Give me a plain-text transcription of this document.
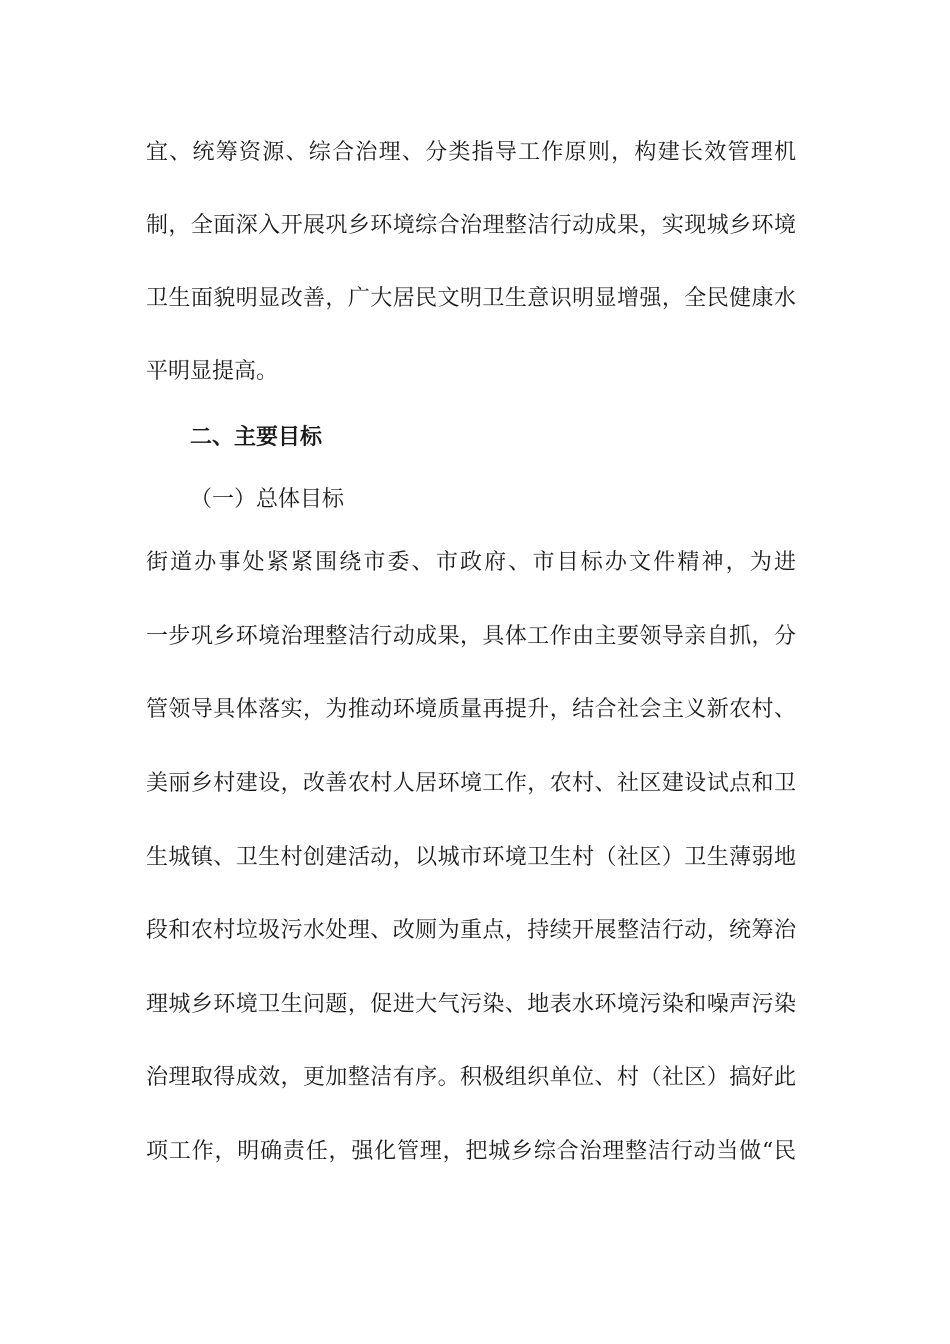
宜、统筹资源、综合治理、分类指导工作原则，构建长效管理机
制，全面深入开展巩乡环境综合治理整洁行动成果，实现城乡环境
卫生面貌明显改善，广大居民文明卫生意识明显增强，全民健康水
平明显提高。
二、主要目标
（一）总体目标
街道办事处紧紧围绕市委、市政府、市目标办文件精神，为进
一步巩乡环境治理整洁行动成果，具体工作由主要领导亲自抓，分
管领导具体落实，为推动环境质量再提升，结合社会主义新农村、
美丽乡村建设，改善农村人居环境工作，农村、社区建设试点和卫
生城镇、卫生村创建活动，以城市环境卫生村（社区）卫生薄弱地
段和农村垃圾污水处理、改厕为重点，持续开展整洁行动，统筹治
理城乡环境卫生问题，促进大气污染、地表水环境污染和噪声污染
治理取得成效，更加整洁有序。积极组织单位、村（社区）搞好此
项工作，明确责任，强化管理，把城乡综合治理整洁行动当做“民
